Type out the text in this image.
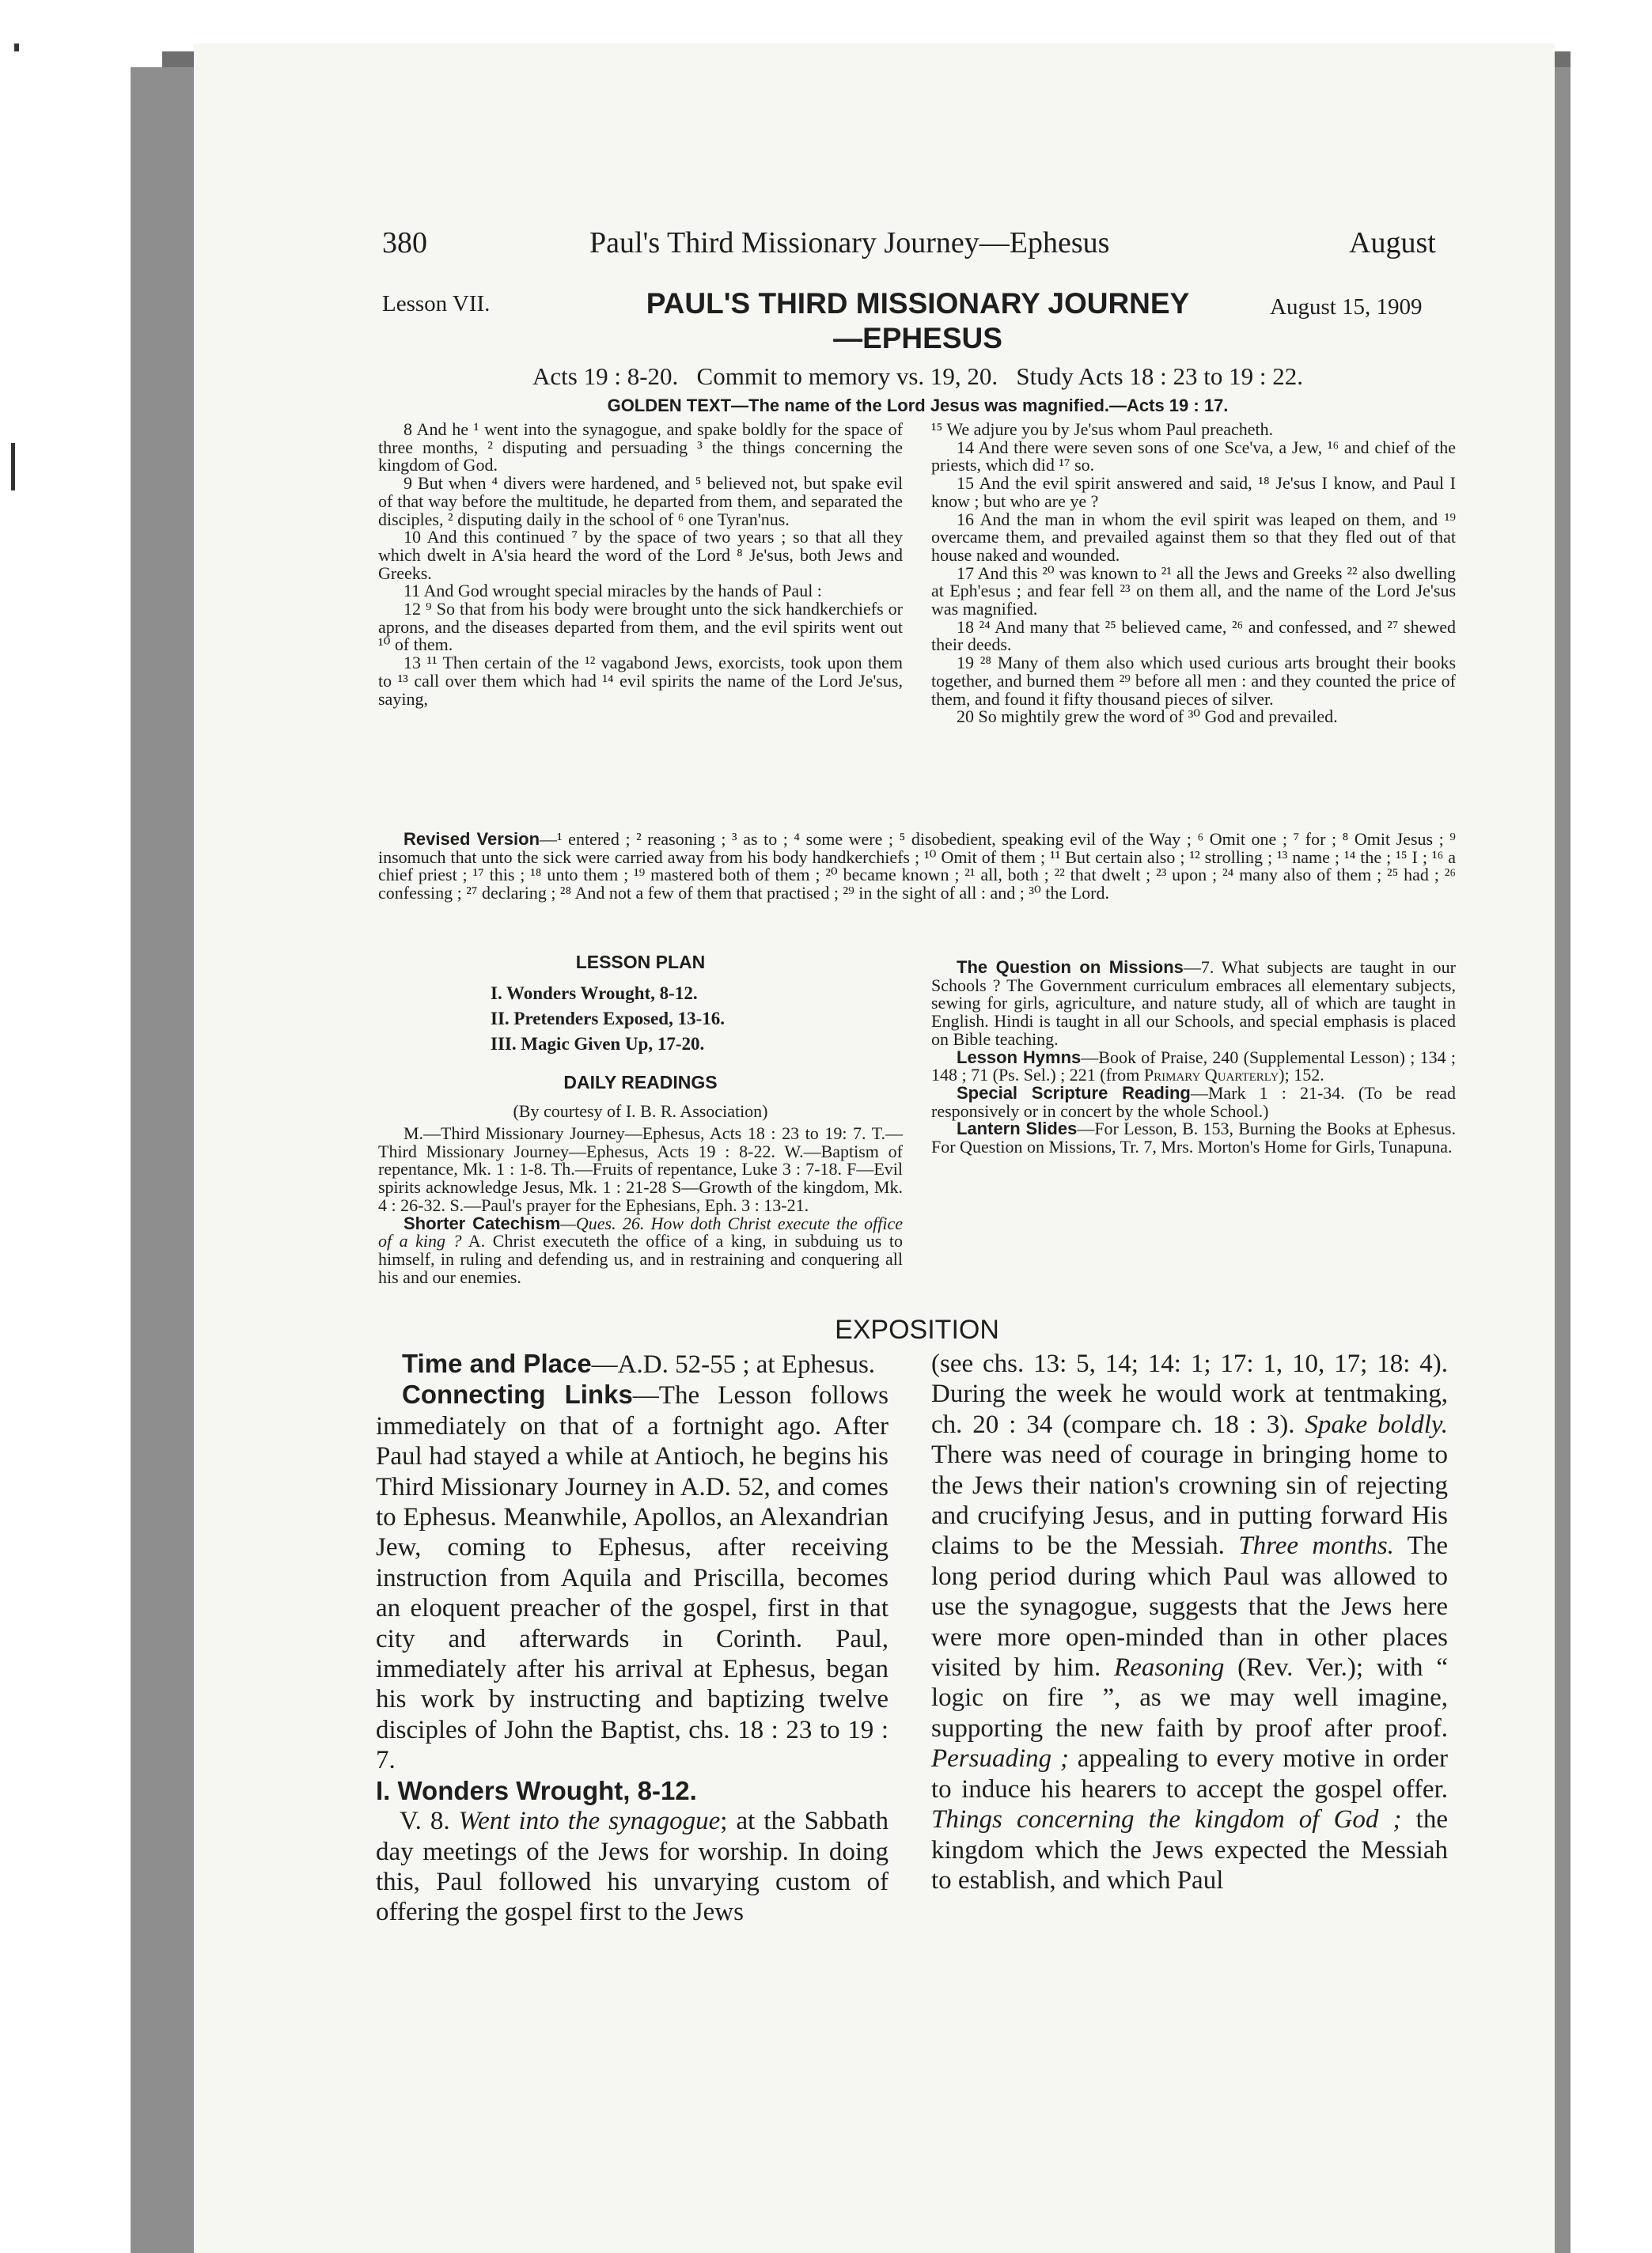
380	Paul's Third Missionary Journey—Ephesus	August
Lesson VII.	PAUL'S THIRD MISSIONARY JOURNEY
—EPHESUS
August 15, 1909
Acts 19 : 8-20.   Commit to memory vs. 19, 20.   Study Acts 18 : 23 to 19 : 22.
GOLDEN TEXT—The name of the Lord Jesus was magnified.—Acts 19 : 17.

8 And he ¹ went into the synagogue, and spake boldly for the space of three months, ² disputing and persuading ³ the things concerning the kingdom of God.

9 But when ⁴ divers were hardened, and ⁵ believed not, but spake evil of that way before the multitude, he departed from them, and separated the disciples, ² disputing daily in the school of ⁶ one Tyran'nus.

10 And this continued ⁷ by the space of two years ; so that all they which dwelt in A'sia heard the word of the Lord ⁸ Je'sus, both Jews and Greeks.

11 And God wrought special miracles by the hands of Paul :

12 ⁹ So that from his body were brought unto the sick handkerchiefs or aprons, and the diseases departed from them, and the evil spirits went out ¹⁰ of them.

13 ¹¹ Then certain of the ¹² vagabond Jews, exorcists, took upon them to ¹³ call over them which had ¹⁴ evil spirits the name of the Lord Je'sus, saying,

¹⁵ We adjure you by Je'sus whom Paul preacheth.

14 And there were seven sons of one Sce'va, a Jew, ¹⁶ and chief of the priests, which did ¹⁷ so.

15 And the evil spirit answered and said, ¹⁸ Je'sus I know, and Paul I know ; but who are ye ?

16 And the man in whom the evil spirit was leaped on them, and ¹⁹ overcame them, and prevailed against them so that they fled out of that house naked and wounded.

17 And this ²⁰ was known to ²¹ all the Jews and Greeks ²² also dwelling at Eph'esus ; and fear fell ²³ on them all, and the name of the Lord Je'sus was magnified.

18 ²⁴ And many that ²⁵ believed came, ²⁶ and confessed, and ²⁷ shewed their deeds.

19 ²⁸ Many of them also which used curious arts brought their books together, and burned them ²⁹ before all men : and they counted the price of them, and found it fifty thousand pieces of silver.

20 So mightily grew the word of ³⁰ God and prevailed.

Revised Version—¹ entered ; ² reasoning ; ³ as to ; ⁴ some were ; ⁵ disobedient, speaking evil of the Way ; ⁶ Omit one ; ⁷ for ; ⁸ Omit Jesus ; ⁹ insomuch that unto the sick were carried away from his body handkerchiefs ; ¹⁰ Omit of them ; ¹¹ But certain also ; ¹² strolling ; ¹³ name ; ¹⁴ the ; ¹⁵ I ; ¹⁶ a chief priest ; ¹⁷ this ; ¹⁸ unto them ; ¹⁹ mastered both of them ; ²⁰ became known ; ²¹ all, both ; ²² that dwelt ; ²³ upon ; ²⁴ many also of them ; ²⁵ had ; ²⁶ confessing ; ²⁷ declaring ; ²⁸ And not a few of them that practised ; ²⁹ in the sight of all : and ; ³⁰ the Lord.

LESSON PLAN
I. Wonders Wrought, 8-12.
II. Pretenders Exposed, 13-16.
III. Magic Given Up, 17-20.
DAILY READINGS
(By courtesy of I. B. R. Association)

M.—Third Missionary Journey—Ephesus, Acts 18 : 23 to 19: 7. T.—Third Missionary Journey—Ephesus, Acts 19 : 8-22. W.—Baptism of repentance, Mk. 1 : 1-8. Th.—Fruits of repentance, Luke 3 : 7-18. F—Evil spirits acknowledge Jesus, Mk. 1 : 21-28 S—Growth of the kingdom, Mk. 4 : 26-32. S.—Paul's prayer for the Ephesians, Eph. 3 : 13-21.

Shorter Catechism—Ques. 26. How doth Christ execute the office of a king ? A. Christ executeth the office of a king, in subduing us to himself, in ruling and defending us, and in restraining and conquering all his and our enemies.

The Question on Missions—7. What subjects are taught in our Schools ? The Government curriculum embraces all elementary subjects, sewing for girls, agriculture, and nature study, all of which are taught in English. Hindi is taught in all our Schools, and special emphasis is placed on Bible teaching.

Lesson Hymns—Book of Praise, 240 (Supplemental Lesson) ; 134 ; 148 ; 71 (Ps. Sel.) ; 221 (from Primary Quarterly); 152.

Special Scripture Reading—Mark 1 : 21-34. (To be read responsively or in concert by the whole School.)

Lantern Slides—For Lesson, B. 153, Burning the Books at Ephesus. For Question on Missions, Tr. 7, Mrs. Morton's Home for Girls, Tunapuna.

EXPOSITION

Time and Place—A.D. 52-55 ; at Ephesus.

Connecting Links—The Lesson follows immediately on that of a fortnight ago. After Paul had stayed a while at Antioch, he begins his Third Missionary Journey in A.D. 52, and comes to Ephesus. Meanwhile, Apollos, an Alexandrian Jew, coming to Ephesus, after receiving instruction from Aquila and Priscilla, becomes an eloquent preacher of the gospel, first in that city and afterwards in Corinth. Paul, immediately after his arrival at Ephesus, began his work by instructing and baptizing twelve disciples of John the Baptist, chs. 18 : 23 to 19 : 7.

I. Wonders Wrought, 8-12.

V. 8. Went into the synagogue; at the Sabbath day meetings of the Jews for worship. In doing this, Paul followed his unvarying custom of offering the gospel first to the Jews

(see chs. 13: 5, 14; 14: 1; 17: 1, 10, 17; 18: 4). During the week he would work at tentmaking, ch. 20 : 34 (compare ch. 18 : 3). Spake boldly. There was need of courage in bringing home to the Jews their nation's crowning sin of rejecting and crucifying Jesus, and in putting forward His claims to be the Messiah. Three months. The long period during which Paul was allowed to use the synagogue, suggests that the Jews here were more open-minded than in other places visited by him. Reasoning (Rev. Ver.); with “ logic on fire ”, as we may well imagine, supporting the new faith by proof after proof. Persuading ; appealing to every motive in order to induce his hearers to accept the gospel offer. Things concerning the kingdom of God ; the kingdom which the Jews expected the Messiah to establish, and which Paul
